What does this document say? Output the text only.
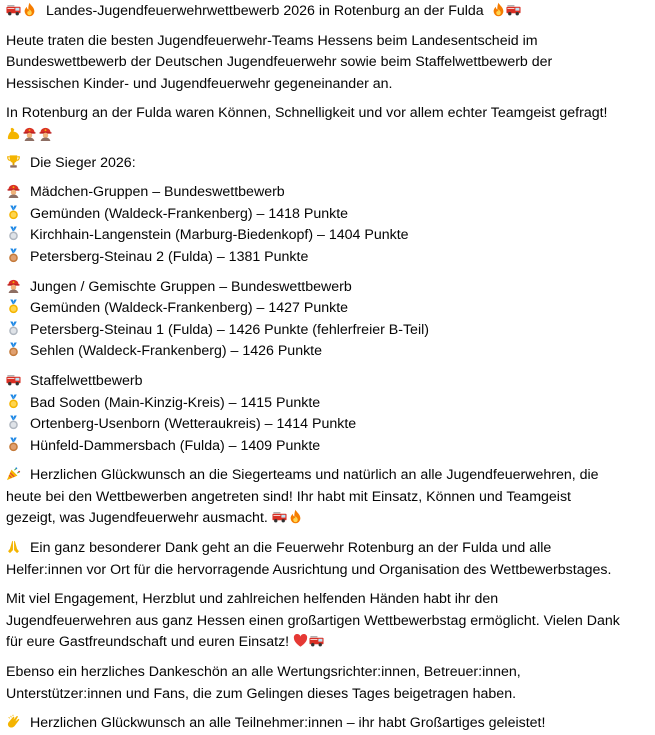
Landes-Jugendfeuerwehrwettbewerb 2026 in Rotenburg an der Fulda

Heute traten die besten Jugendfeuerwehr-Teams Hessens beim Landesentscheid im
Bundeswettbewerb der Deutschen Jugendfeuerwehr sowie beim Staffelwettbewerb der
Hessischen Kinder- und Jugendfeuerwehr gegeneinander an.

In Rotenburg an der Fulda waren Können, Schnelligkeit und vor allem echter Teamgeist gefragt!

Die Sieger 2026:

Mädchen-Gruppen – Bundeswettbewerb
Gemünden (Waldeck-Frankenberg) – 1418 Punkte
Kirchhain-Langenstein (Marburg-Biedenkopf) – 1404 Punkte
Petersberg-Steinau 2 (Fulda) – 1381 Punkte
Jungen / Gemischte Gruppen – Bundeswettbewerb
Gemünden (Waldeck-Frankenberg) – 1427 Punkte
Petersberg-Steinau 1 (Fulda) – 1426 Punkte (fehlerfreier B-Teil)
Sehlen (Waldeck-Frankenberg) – 1426 Punkte
Staffelwettbewerb
Bad Soden (Main-Kinzig-Kreis) – 1415 Punkte
Ortenberg-Usenborn (Wetteraukreis) – 1414 Punkte
Hünfeld-Dammersbach (Fulda) – 1409 Punkte

Herzlichen Glückwunsch an die Siegerteams und natürlich an alle Jugendfeuerwehren, die
heute bei den Wettbewerben angetreten sind! Ihr habt mit Einsatz, Können und Teamgeist
gezeigt, was Jugendfeuerwehr ausmacht.

Ein ganz besonderer Dank geht an die Feuerwehr Rotenburg an der Fulda und alle
Helfer:innen vor Ort für die hervorragende Ausrichtung und Organisation des Wettbewerbstages.

Mit viel Engagement, Herzblut und zahlreichen helfenden Händen habt ihr den
Jugendfeuerwehren aus ganz Hessen einen großartigen Wettbewerbstag ermöglicht. Vielen Dank
für eure Gastfreundschaft und euren Einsatz!

Ebenso ein herzliches Dankeschön an alle Wertungsrichter:innen, Betreuer:innen,
Unterstützer:innen und Fans, die zum Gelingen dieses Tages beigetragen haben.

Herzlichen Glückwunsch an alle Teilnehmer:innen – ihr habt Großartiges geleistet!
